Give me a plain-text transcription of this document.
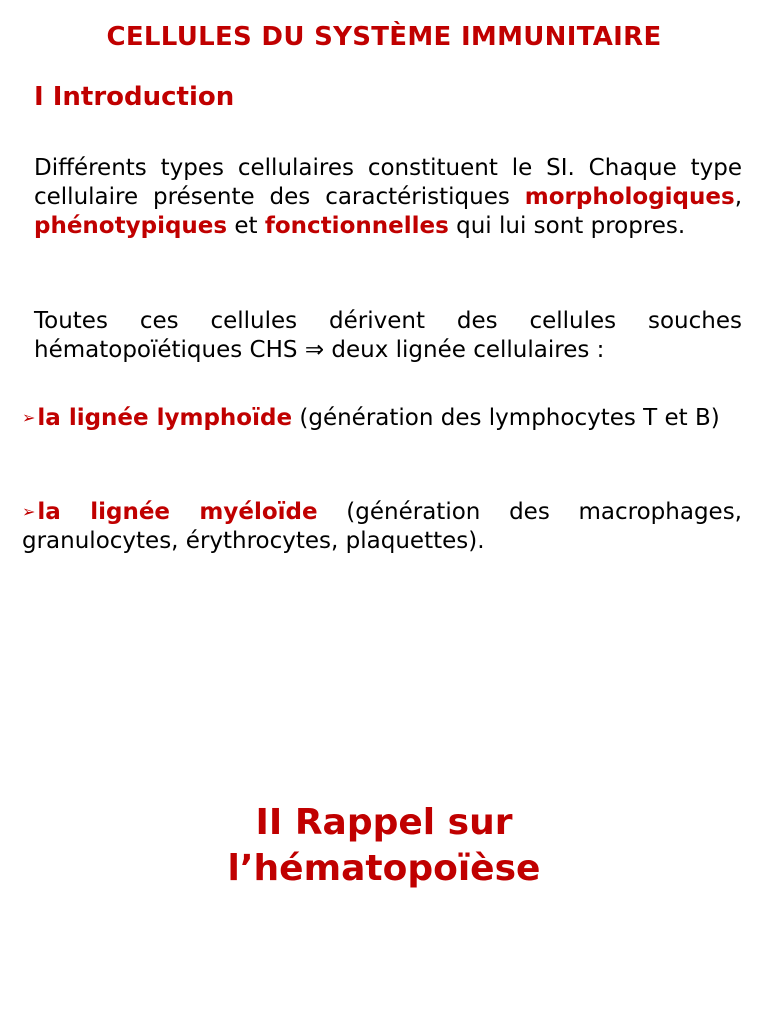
CELLULES DU SYSTÈME IMMUNITAIRE
I Introduction
Différents types cellulaires constituent le SI. Chaque type cellulaire présente des caractéristiques morphologiques, phénotypiques et fonctionnelles qui lui sont propres.
Toutes ces cellules dérivent des cellules souches hématopoïétiques CHS ⇒ deux lignée cellulaires :
➢la lignée lymphoïde (génération des lymphocytes T et B)
➢la lignée myéloïde (génération des macrophages, granulocytes, érythrocytes, plaquettes).
II Rappel sur
l’hématopoïèse
